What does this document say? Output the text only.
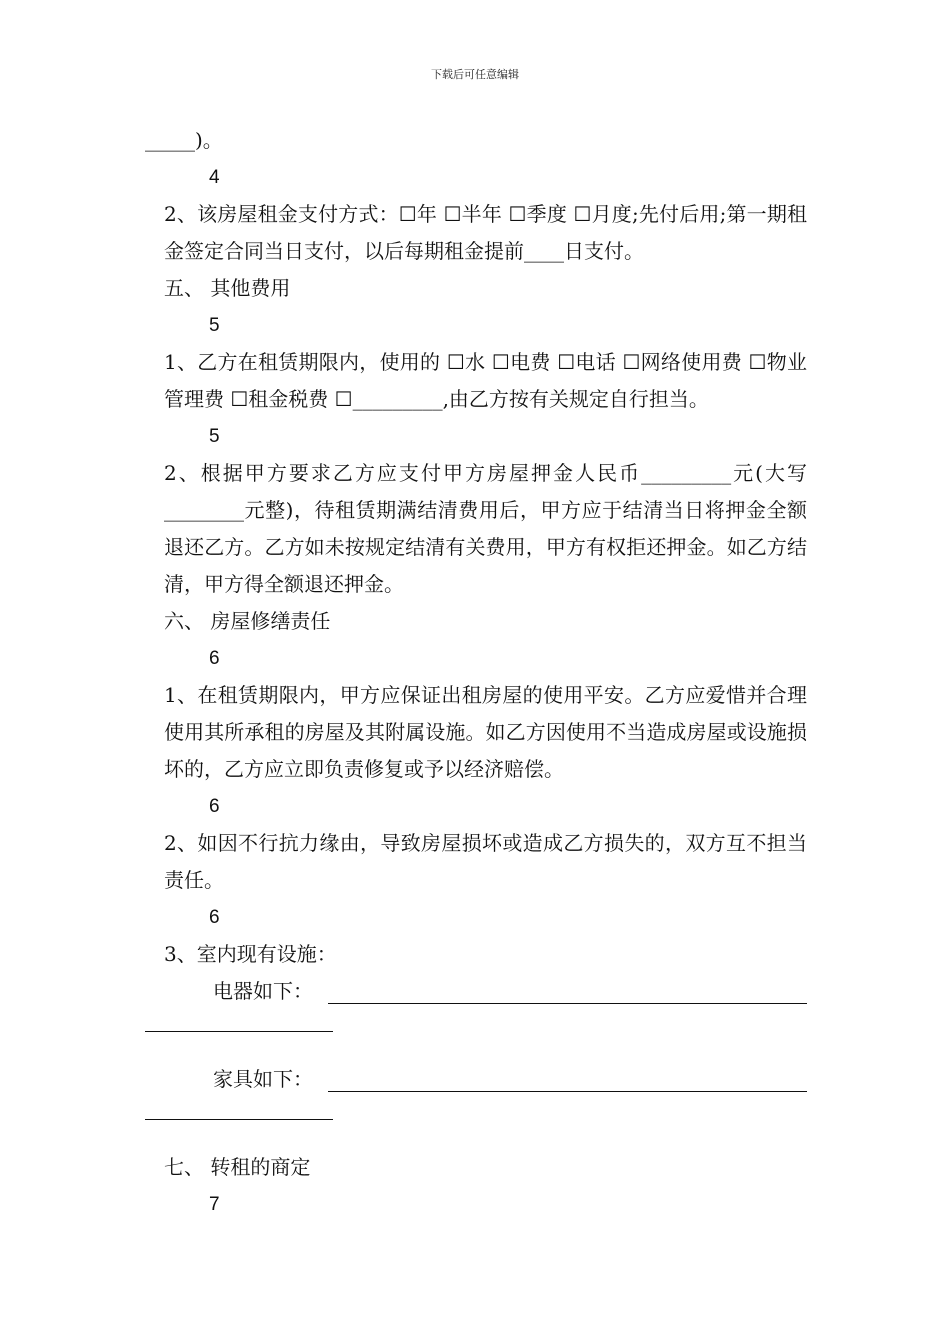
下载后可任意编辑

_____)。

4

2、该房屋租金支付方式：☐年 ☐半年 ☐季度 ☐月度;先付后用;第一期租金签定合同当日支付，以后每期租金提前____日支付。

五、 其他费用

5

1、乙方在租赁期限内，使用的 ☐水 ☐电费 ☐电话 ☐网络使用费 ☐物业管理费 ☐租金税费 ☐_________,由乙方按有关规定自行担当。

5

2、根据甲方要求乙方应支付甲方房屋押金人民币_________元(大写________元整)，待租赁期满结清费用后，甲方应于结清当日将押金全额退还乙方。乙方如未按规定结清有关费用，甲方有权拒还押金。如乙方结清，甲方得全额退还押金。

六、 房屋修缮责任

6

1、在租赁期限内，甲方应保证出租房屋的使用平安。乙方应爱惜并合理使用其所承租的房屋及其附属设施。如乙方因使用不当造成房屋或设施损坏的，乙方应立即负责修复或予以经济赔偿。

6

2、如因不行抗力缘由，导致房屋损坏或造成乙方损失的，双方互不担当责任。

6

3、室内现有设施：

电器如下：
家具如下：

七、 转租的商定

7
